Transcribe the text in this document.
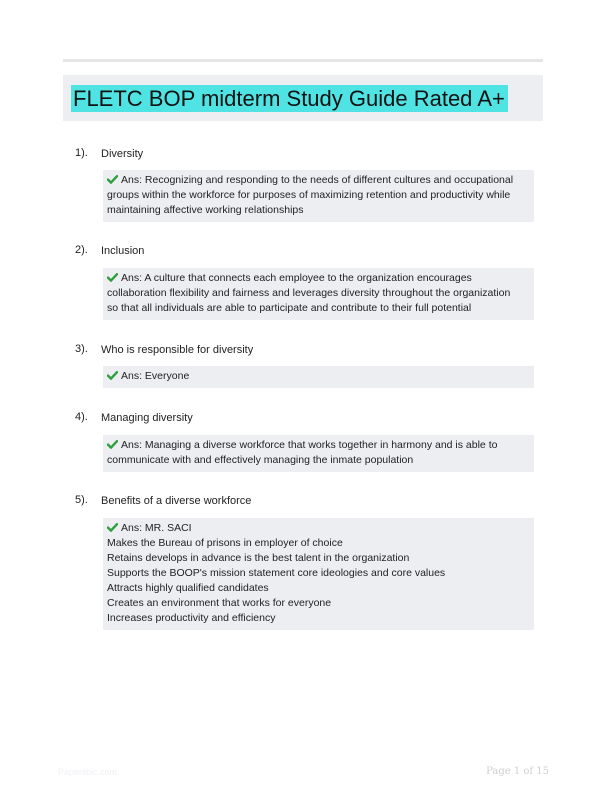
FLETC BOP midterm Study Guide Rated A+
1). Diversity
Ans: Recognizing and responding to the needs of different cultures and occupational
groups within the workforce for purposes of maximizing retention and productivity while
maintaining affective working relationships
2). Inclusion
Ans: A culture that connects each employee to the organization encourages
collaboration flexibility and fairness and leverages diversity throughout the organization
so that all individuals are able to participate and contribute to their full potential
3). Who is responsible for diversity
Ans: Everyone
4). Managing diversity
Ans: Managing a diverse workforce that works together in harmony and is able to
communicate with and effectively managing the inmate population
5). Benefits of a diverse workforce
Ans: MR. SACI
Makes the Bureau of prisons in employer of choice
Retains develops in advance is the best talent in the organization
Supports the BOOP's mission statement core ideologies and core values
Attracts highly qualified candidates
Creates an environment that works for everyone
Increases productivity and efficiency
Paperlibic.com	Page 1 of 15
